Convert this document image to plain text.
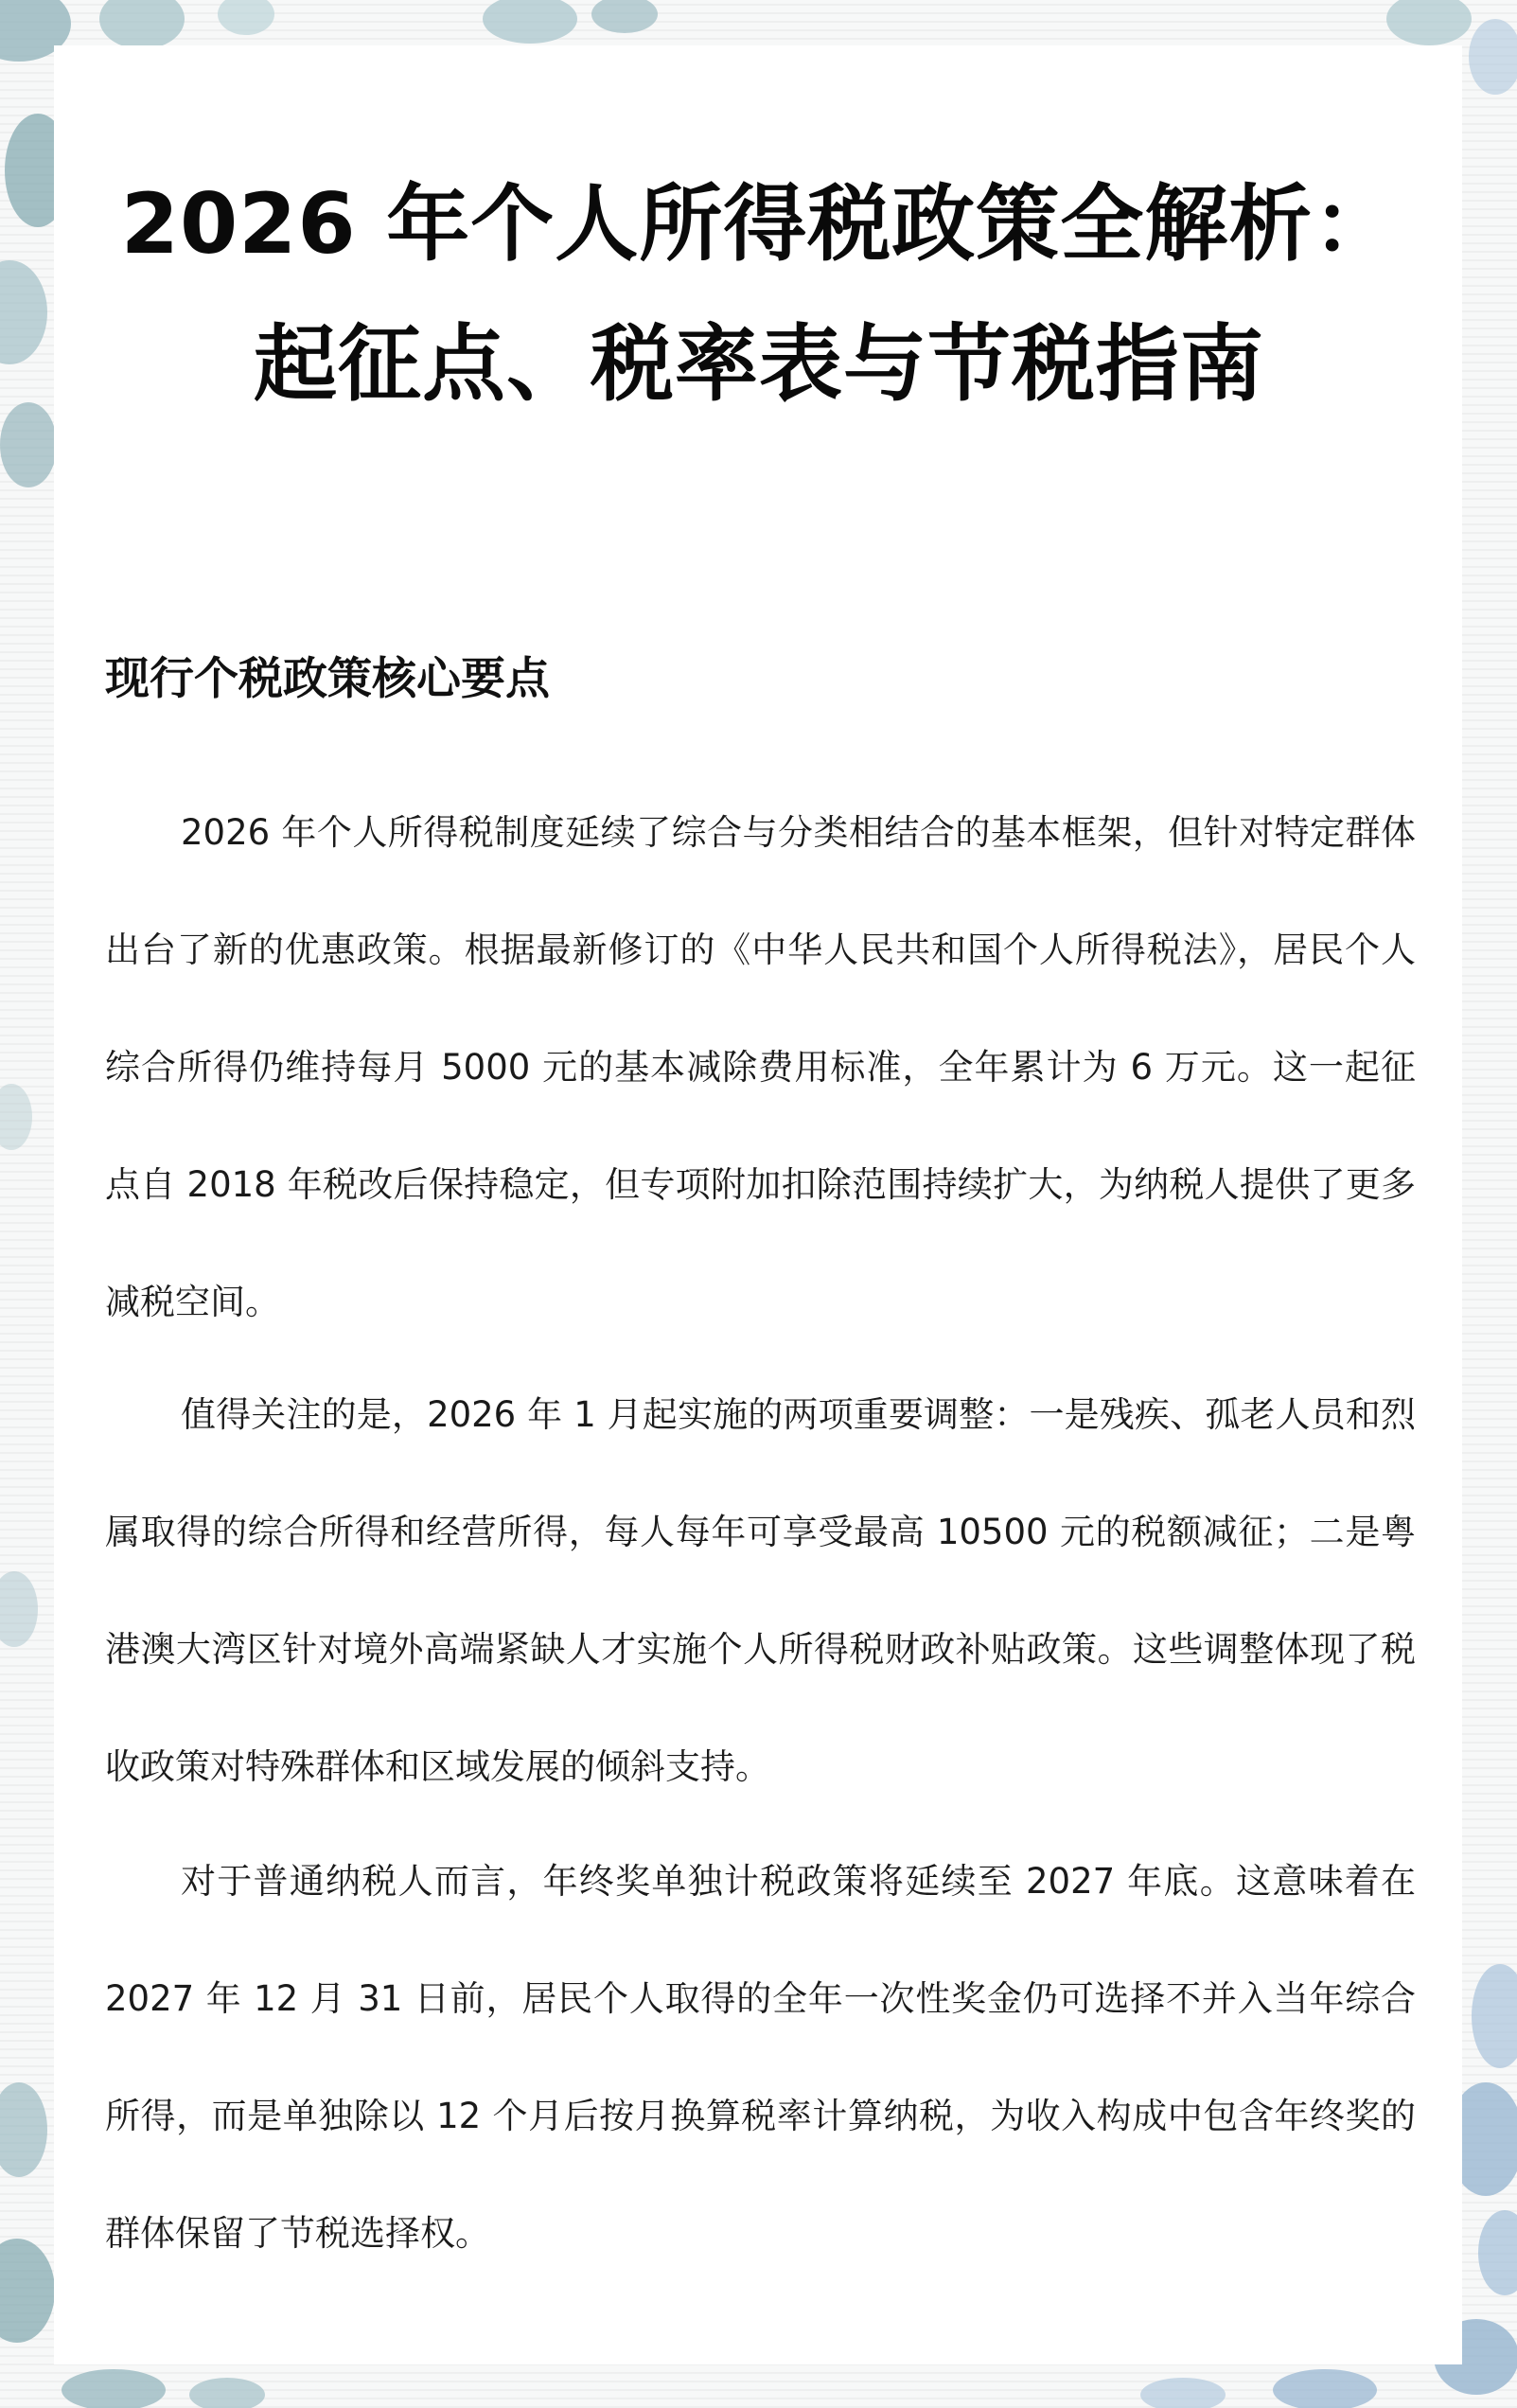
2026 年个人所得税政策全解析：起征点、税率表与节税指南
现行个税政策核心要点

2026 年个人所得税制度延续了综合与分类相结合的基本框架，但针对特定群体出台了新的优惠政策。根据最新修订的《中华人民共和国个人所得税法》，居民个人综合所得仍维持每月 5000 元的基本减除费用标准，全年累计为 6 万元。这一起征点自 2018 年税改后保持稳定，但专项附加扣除范围持续扩大，为纳税人提供了更多减税空间。

值得关注的是，2026 年 1 月起实施的两项重要调整：一是残疾、孤老人员和烈属取得的综合所得和经营所得，每人每年可享受最高 10500 元的税额减征；二是粤港澳大湾区针对境外高端紧缺人才实施个人所得税财政补贴政策。这些调整体现了税收政策对特殊群体和区域发展的倾斜支持。

对于普通纳税人而言，年终奖单独计税政策将延续至 2027 年底。这意味着在 2027 年 12 月 31 日前，居民个人取得的全年一次性奖金仍可选择不并入当年综合所得，而是单独除以 12 个月后按月换算税率计算纳税，为收入构成中包含年终奖的群体保留了节税选择权。
